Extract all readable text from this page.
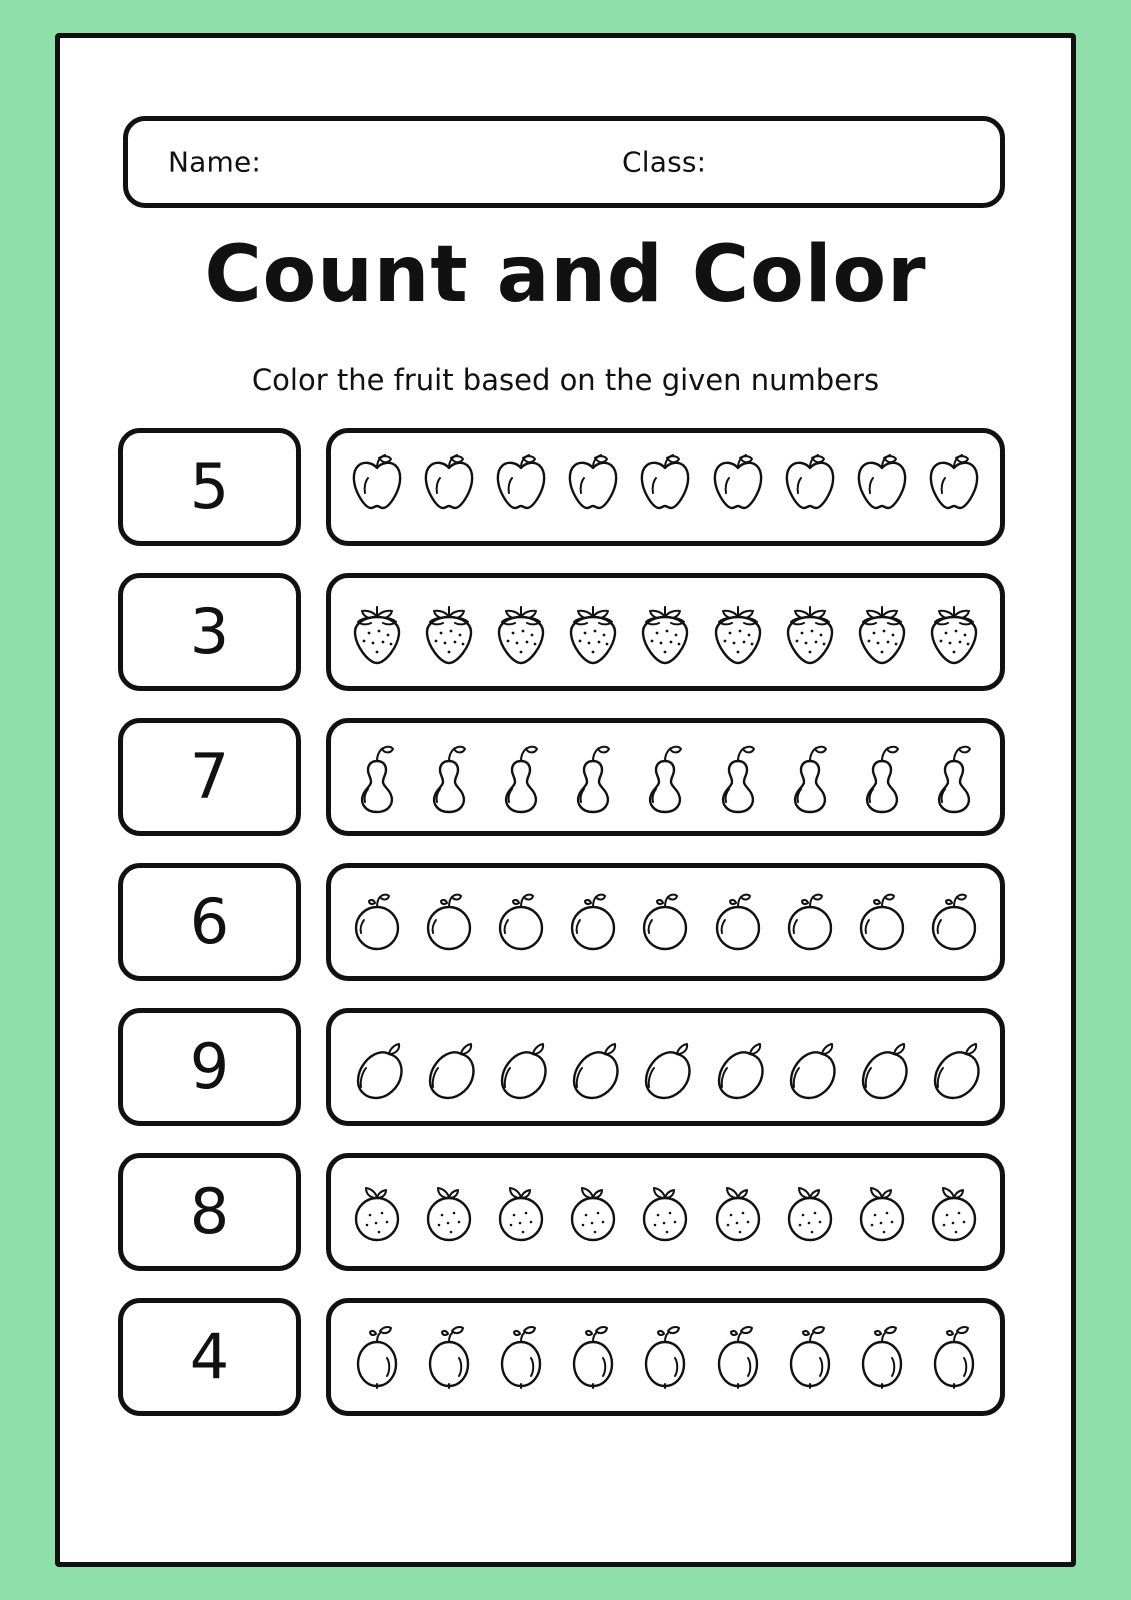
Name:	Class:
Count and Color
Color the fruit based on the given numbers
5
3
7
6
9
8
4
